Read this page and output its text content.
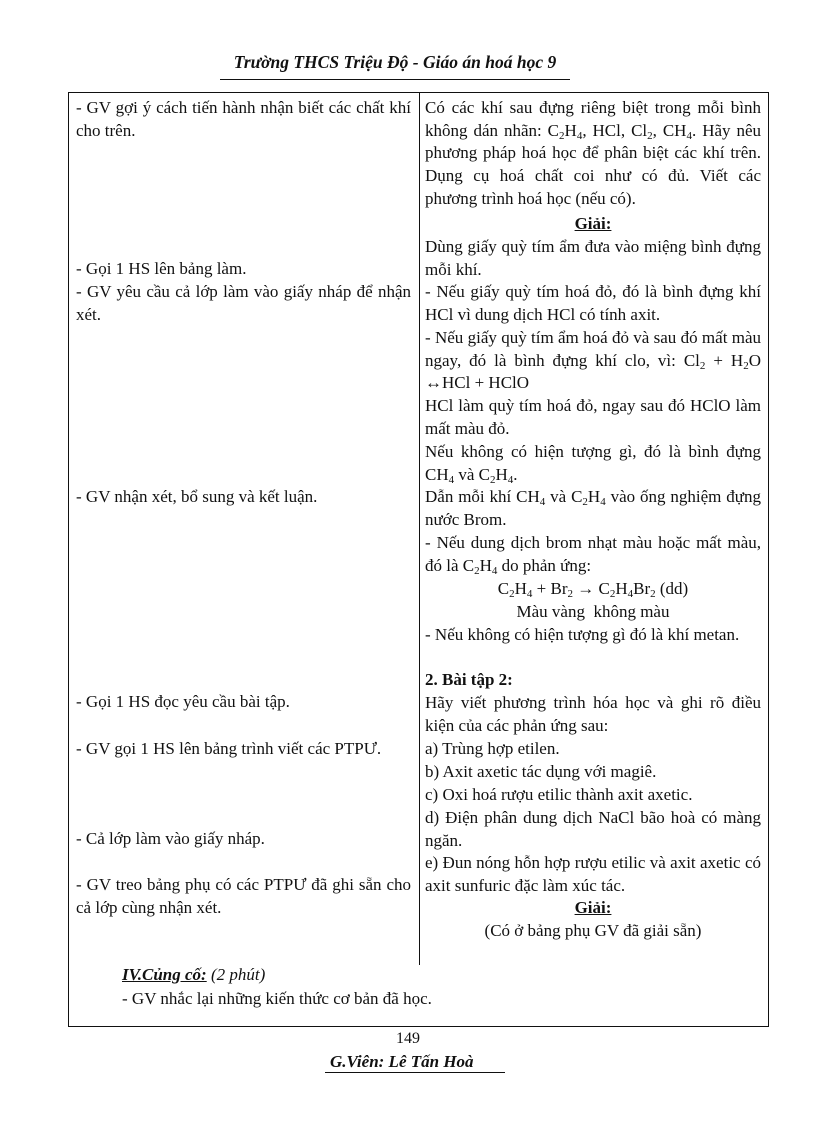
Trường THCS Triệu Độ - Giáo án hoá học 9
- GV gợi ý cách tiến hành nhận biết các chất khí cho trên.
- Gọi 1 HS lên bảng làm.
- GV yêu cầu cả lớp làm vào giấy nháp để nhận xét.
- GV nhận xét, bổ sung và kết luận.
- Gọi 1 HS đọc yêu cầu bài tập.
- GV gọi 1 HS lên bảng trình viết các PTPƯ.
- Cả lớp làm vào giấy nháp.
- GV treo bảng phụ có các PTPƯ đã ghi sẵn cho cả lớp cùng nhận xét.
Có các khí sau đựng riêng biệt trong mỗi bình không dán nhãn: $C_2H_4$, HCl, $Cl_2$, $CH_4$. Hãy nêu phương pháp hoá học để phân biệt các khí trên. Dụng cụ hoá chất coi như có đủ. Viết các phương trình hoá học (nếu có).
Giải:
Dùng giấy quỳ tím ẩm đưa vào miệng bình đựng mỗi khí.
- Nếu giấy quỳ tím hoá đỏ, đó là bình đựng khí HCl vì dung dịch HCl có tính axit.
- Nếu giấy quỳ tím ẩm hoá đỏ và sau đó mất màu ngay, đó là bình đựng khí clo, vì: $Cl_2 + H_2O$ ↔HCl + HClO
HCl làm quỳ tím hoá đỏ, ngay sau đó HClO làm mất màu đỏ.
Nếu không có hiện tượng gì, đó là bình đựng $CH_4$ và $C_2H_4$.
Dẫn mỗi khí $CH_4$ và $C_2H_4$ vào ống nghiệm đựng nước Brom.
- Nếu dung dịch brom nhạt màu hoặc mất màu, đó là $C_2H_4$ do phản ứng:
$C_2H_4 + Br_2 \to C_2H_4Br_2$ (dd)
Màu vàng  không màu
- Nếu không có hiện tượng gì đó là khí metan.
2. Bài tập 2:
Hãy viết phương trình hóa học và ghi rõ điều kiện của các phản ứng sau:
a) Trùng hợp etilen.
b) Axit axetic tác dụng với magiê.
c) Oxi hoá rượu etilic thành axit axetic.
d) Điện phân dung dịch NaCl bão hoà có màng ngăn.
e) Đun nóng hỗn hợp rượu etilic và axit axetic có axit sunfuric đặc làm xúc tác.
Giải:
(Có ở bảng phụ GV đã giải sẵn)
IV.Củng cố: (2 phút)
- GV nhắc lại những kiến thức cơ bản đã học.
149
G.Viên: Lê Tấn Hoà
